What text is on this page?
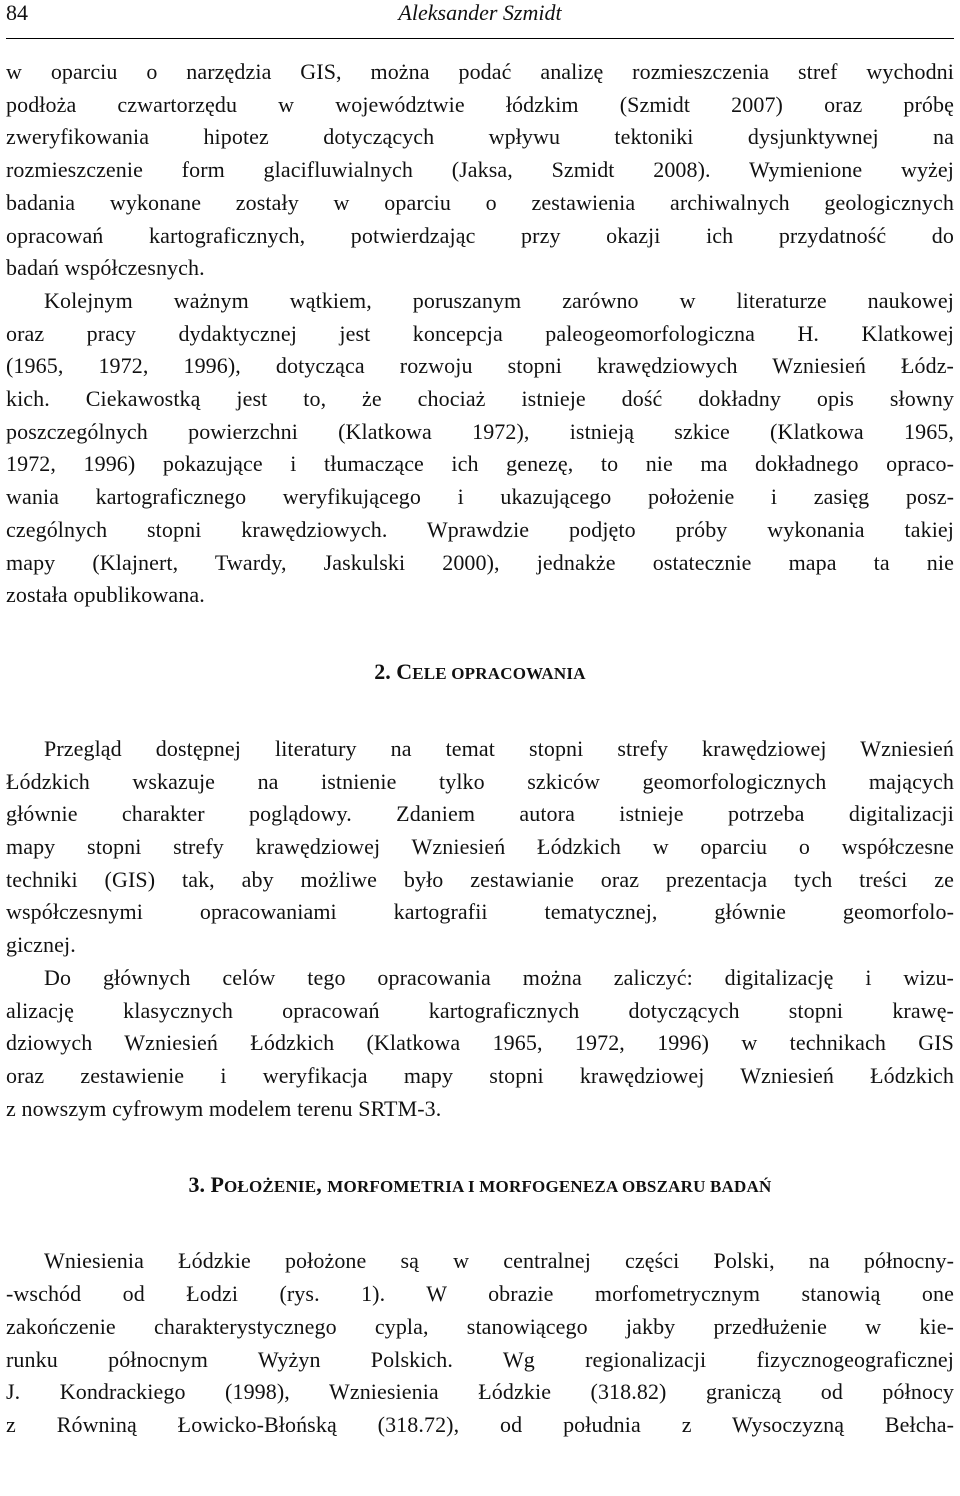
84	Aleksander Szmidt
w oparciu o narzędzia GIS, można podać analizę rozmieszczenia stref wychodni
podłoża czwartorzędu w województwie łódzkim (Szmidt 2007) oraz próbę
zweryfikowania hipotez dotyczących wpływu tektoniki dysjunktywnej na
rozmieszczenie form glacifluwialnych (Jaksa, Szmidt 2008). Wymienione wyżej
badania wykonane zostały w oparciu o zestawienia archiwalnych geologicznych
opracowań kartograficznych, potwierdzając przy okazji ich przydatność do
badań współczesnych.
Kolejnym ważnym wątkiem, poruszanym zarówno w literaturze naukowej
oraz pracy dydaktycznej jest koncepcja paleogeomorfologiczna H. Klatkowej
(1965, 1972, 1996), dotycząca rozwoju stopni krawędziowych Wzniesień Łódz-
kich. Ciekawostką jest to, że chociaż istnieje dość dokładny opis słowny
poszczególnych powierzchni (Klatkowa 1972), istnieją szkice (Klatkowa 1965,
1972, 1996) pokazujące i tłumaczące ich genezę, to nie ma dokładnego opraco-
wania kartograficznego weryfikującego i ukazującego położenie i zasięg posz-
czególnych stopni krawędziowych. Wprawdzie podjęto próby wykonania takiej
mapy (Klajnert, Twardy, Jaskulski 2000), jednakże ostatecznie mapa ta nie
została opublikowana.
2. CELE OPRACOWANIA
Przegląd dostępnej literatury na temat stopni strefy krawędziowej Wzniesień
Łódzkich wskazuje na istnienie tylko szkiców geomorfologicznych mających
głównie charakter poglądowy. Zdaniem autora istnieje potrzeba digitalizacji
mapy stopni strefy krawędziowej Wzniesień Łódzkich w oparciu o współczesne
techniki (GIS) tak, aby możliwe było zestawianie oraz prezentacja tych treści ze
współczesnymi opracowaniami kartografii tematycznej, głównie geomorfolo-
gicznej.
Do głównych celów tego opracowania można zaliczyć: digitalizację i wizu-
alizację klasycznych opracowań kartograficznych dotyczących stopni krawę-
dziowych Wzniesień Łódzkich (Klatkowa 1965, 1972, 1996) w technikach GIS
oraz zestawienie i weryfikacja mapy stopni krawędziowej Wzniesień Łódzkich
z nowszym cyfrowym modelem terenu SRTM-3.
3. POŁOŻENIE, MORFOMETRIA I MORFOGENEZA OBSZARU BADAŃ
Wniesienia Łódzkie położone są w centralnej części Polski, na północny-
-wschód od Łodzi (rys. 1). W obrazie morfometrycznym stanowią one
zakończenie charakterystycznego cypla, stanowiącego jakby przedłużenie w kie-
runku północnym Wyżyn Polskich. Wg regionalizacji fizycznogeograficznej
J. Kondrackiego (1998), Wzniesienia Łódzkie (318.82) graniczą od północy
z Równiną Łowicko-Błońską (318.72), od południa z Wysoczyzną Bełcha-
